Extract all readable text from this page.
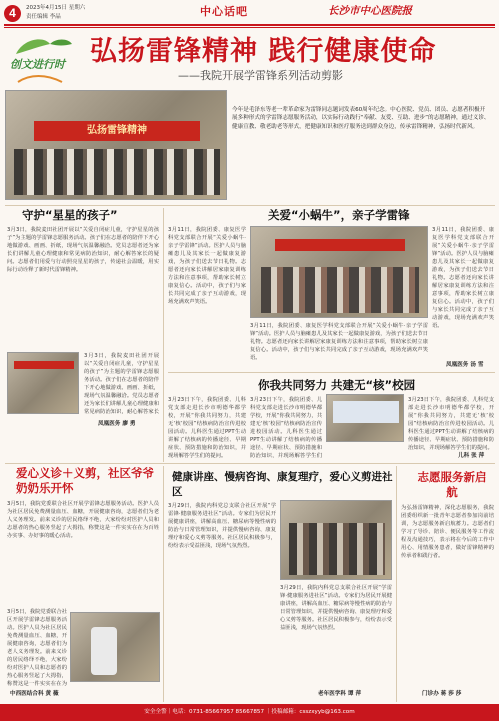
4	2023年4月15日 星期六
责任编辑 李晶	中心话吧	长沙市中心医院报
创文进行时 弘扬雷锋精神 践行健康使命
——我院开展学雷锋系列活动剪影
弘扬雷锋精神
今年是毛泽东等老一辈革命家为雷锋同志题词发表60周年纪念。中心医院、党员、团员、志愿者积极开展多种形式的学雷锋志愿服务活动，以实际行动践行“奉献、友爱、互助、进步”的志愿精神，通过义诊、健康宣教、敬老助老等形式，把健康知识和医疗服务送到群众身边，传承雷锋精神，弘扬时代新风。
守护“星星的孩子”
3月3日，我院麦田社团开展以“关爱自闭症儿童，守护星星的孩子”为主题的学雷锋志愿服务活动。孩子们在志愿者的陪伴下开心地做游戏、画画、折纸，现场气氛温馨融洽。党员志愿者还为家长们讲解儿童心理健康和常见病防治知识，耐心解答家长的疑问。志愿者们用爱与行动照亮星星的孩子，传递社会温暖，用实际行动诠释了新时代雷锋精神。
3月3日，我院麦田社团开展以“关爱自闭症儿童，守护星星的孩子”为主题的学雷锋志愿服务活动。孩子们在志愿者的陪伴下开心地做游戏、画画、折纸，现场气氛温馨融洽。党员志愿者还为家长们讲解儿童心理健康和常见病防治知识，耐心解答家长
凤凰医务 廖 勇
关爱“小蜗牛”，亲子学雷锋
3月11日，我院团委、康复医学科党支部联合开展“关爱小蜗牛·亲子学雷锋”活动。医护人员与脑瘫患儿及其家长一起做康复游戏，为孩子们送去节日礼物。志愿者还向家长讲解居家康复训练方法和注意事项，帮助家长树立康复信心。活动中，孩子们与家长共同完成了亲子互动游戏，现场充满欢声笑语。
3月11日，我院团委、康复医学科党支部联合开展“关爱小蜗牛·亲子学雷锋”活动。医护人员与脑瘫患儿及其家长一起做康复游戏，为孩子们送去节日礼物。志愿者还向家长讲解居家康复训练方法和注意事项，帮助家长树立康复信心。活动中，孩子们与家长共同完成了亲子互动游戏，现场充满欢声笑语。
3月11日，我院团委、康复医学科党支部联合开展“关爱小蜗牛·亲子学雷锋”活动。医护人员与脑瘫患儿及其家长一起做康复游戏，为孩子们送去节日礼物。志愿者还向家长讲解居家康复训练方法和注意事项，帮助家长树立康复信心。活动中，孩子们与家长共同完成了亲子互动游戏，现场充满欢声笑语。
凤凰医务 汤 雪
你我共同努力 共建无“核”校园
3月23日下午，我院团委、儿科党支部走进长沙市明德华都学校，开展“你我共同努力，共建无‘核’校园”结核病防治宣传进校园活动。儿科医生通过PPT生动讲解了结核病的传播途径、早期症状、预防措施和防治知识，并现场解答学生们的提问。
3月23日下午，我院团委、儿科党支部走进长沙市明德华都学校，开展“你我共同努力，共建无‘核’校园”结核病防治宣传进校园活动。儿科医生通过PPT生动讲解了结核病的传播途径、早期症状、预防措施和防治知识，并现场解答学生们
3月23日下午，我院团委、儿科党支部走进长沙市明德华都学校，开展“你我共同努力，共建无‘核’校园”结核病防治宣传进校园活动。儿科医生通过PPT生动讲解了结核病的传播途径、早期症状、预防措施和防治知识，并现场解答学生们的提问。
儿科 张 萍
爱心义诊＋义剪，社区爷爷奶奶乐开怀
3月5日，我院党委联合社区开展学雷锋志愿服务活动。医护人员为社区居民免费测量血压、血糖，开展健康咨询，志愿者们为老人义务理发。前来义诊的居民络绎不绝，大家纷纷对医护人员和志愿者的热心服务竖起了大拇指，称赞这是一件实实在在为百姓办实事、办好事的暖心活动。
3月5日，我院党委联合社区开展学雷锋志愿服务活动。医护人员为社区居民免费测量血压、血糖，开展健康咨询，志愿者们为老人义务理发。前来义诊的居民络绎不绝，大家纷纷对医护人员和志愿者的热心服务竖起了大拇指，称赞这是一件实实在在为
中西医结合科 黄 薇
健康讲座、慢病咨询、康复理疗，爱心义剪进社区
3月29日，我院内科党总支联合社区开展“学雷锋·健康服务进社区”活动。专家们为居民开展健康讲座，讲解高血压、糖尿病等慢性病的防治与日常管理知识，并提供慢病咨询、康复理疗和爱心义剪等服务。社区居民积极参与，纷纷表示受益匪浅，现场气氛热烈。
3月29日，我院内科党总支联合社区开展“学雷锋·健康服务进社区”活动。专家们为居民开展健康讲座，讲解高血压、糖尿病等慢性病的防治与日常管理知识，并提供慢病咨询、康复理疗和爱心义剪等服务。社区居民积极参与，纷纷表示受益匪浅，现场气氛热烈。
老年医学科 谭 萍
志愿服务新启航
为弘扬雷锋精神，深化志愿服务，我院团委组织新一批青年志愿者参加岗前培训，为志愿服务新启航蓄力。志愿者们学习了导诊、陪诊、便民服务等工作流程及沟通技巧，表示将在今后的工作中用心、用情服务患者，做好雷锋精神的传承者和践行者。
门诊办 蒋 莎 莎
安全全警｜电话：0731-85667957 85667857 ｜投稿邮箱：csszxyyb@163.com
